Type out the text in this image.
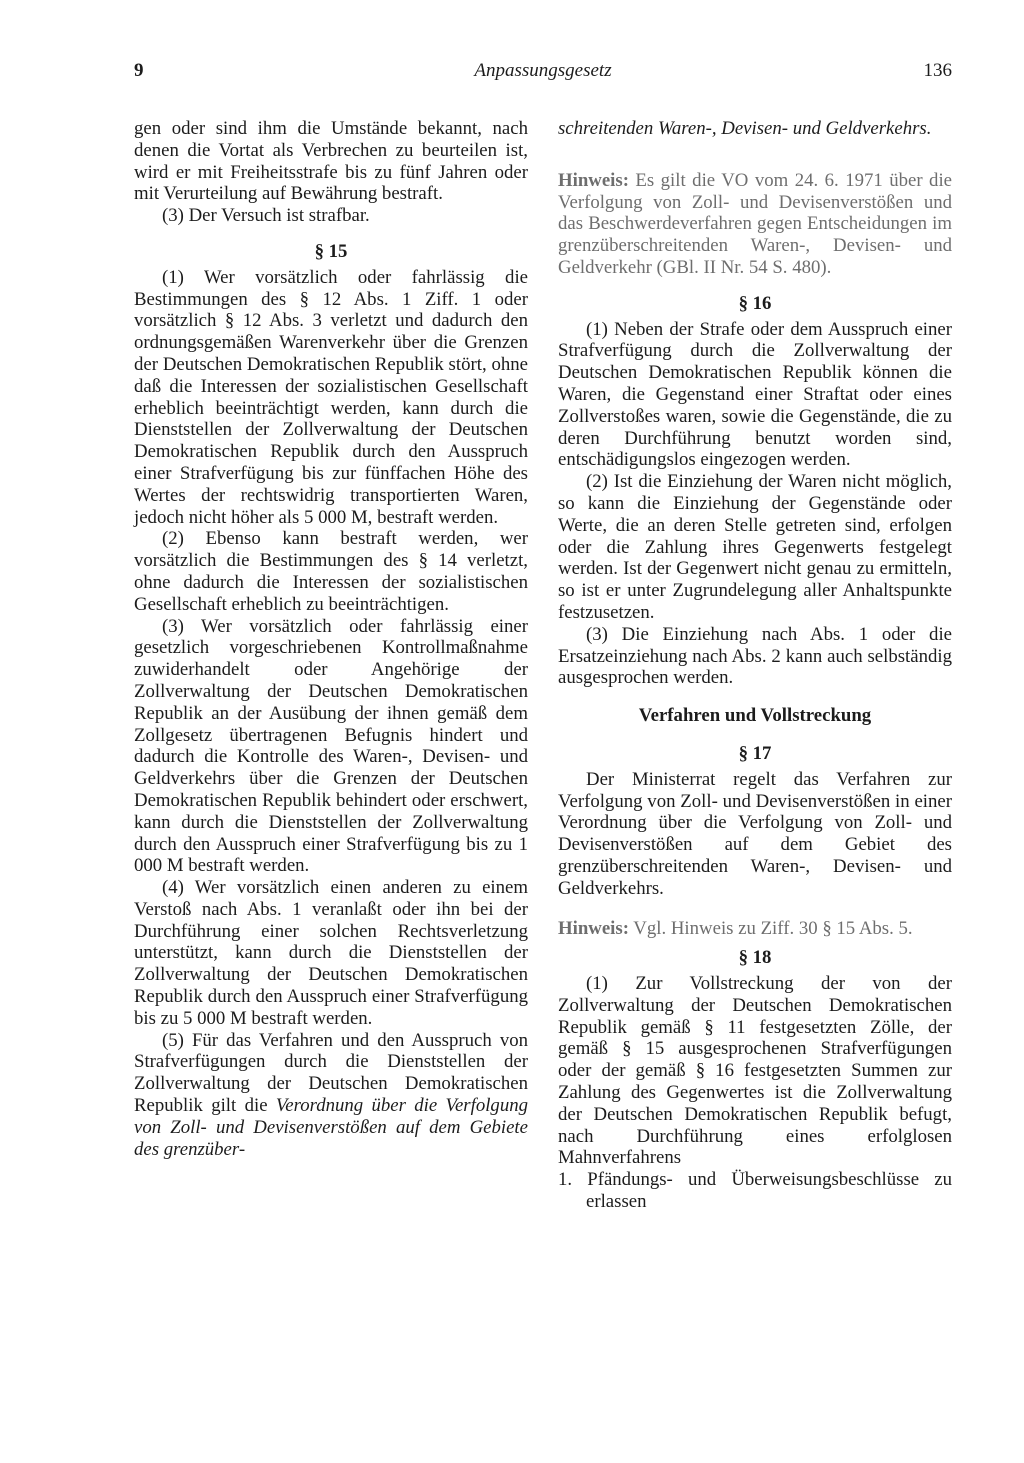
9	Anpassungsgesetz	136

gen oder sind ihm die Umstände bekannt, nach denen die Vortat als Verbrechen zu beurteilen ist, wird er mit Freiheitsstrafe bis zu fünf Jahren oder mit Verurteilung auf Bewährung bestraft.

(3) Der Versuch ist strafbar.

§ 15

(1) Wer vorsätzlich oder fahrlässig die Bestimmungen des § 12 Abs. 1 Ziff. 1 oder vorsätzlich § 12 Abs. 3 verletzt und dadurch den ordnungsgemäßen Warenverkehr über die Grenzen der Deutschen Demokratischen Republik stört, ohne daß die Interessen der sozialistischen Gesellschaft erheblich beeinträchtigt werden, kann durch die Dienststellen der Zollverwaltung der Deutschen Demokratischen Republik durch den Ausspruch einer Strafverfügung bis zur fünffachen Höhe des Wertes der rechtswidrig transportierten Waren, jedoch nicht höher als 5 000 M, bestraft werden.

(2) Ebenso kann bestraft werden, wer vorsätzlich die Bestimmungen des § 14 verletzt, ohne dadurch die Interessen der sozialistischen Gesellschaft erheblich zu beeinträchtigen.

(3) Wer vorsätzlich oder fahrlässig einer gesetzlich vorgeschriebenen Kontrollmaßnahme zuwiderhandelt oder Angehörige der Zollverwaltung der Deutschen Demokratischen Republik an der Ausübung der ihnen gemäß dem Zollgesetz übertragenen Befugnis hindert und dadurch die Kontrolle des Waren-, Devisen- und Geldverkehrs über die Grenzen der Deutschen Demokratischen Republik behindert oder erschwert, kann durch die Dienststellen der Zollverwaltung durch den Ausspruch einer Strafverfügung bis zu 1 000 M bestraft werden.

(4) Wer vorsätzlich einen anderen zu einem Verstoß nach Abs. 1 veranlaßt oder ihn bei der Durchführung einer solchen Rechtsverletzung unterstützt, kann durch die Dienststellen der Zollverwaltung der Deutschen Demokratischen Republik durch den Ausspruch einer Strafverfügung bis zu 5 000 M bestraft werden.

(5) Für das Verfahren und den Ausspruch von Strafverfügungen durch die Dienststellen der Zollverwaltung der Deutschen Demokratischen Republik gilt die Verordnung über die Verfolgung von Zoll- und Devisenverstößen auf dem Gebiete des grenzüber-

schreitenden Waren-, Devisen- und Geldverkehrs.

Hinweis: Es gilt die VO vom 24. 6. 1971 über die Verfolgung von Zoll- und Devisenverstößen und das Beschwerdeverfahren gegen Entscheidungen im grenzüberschreitenden Waren-, Devisen- und Geldverkehr (GBl. II Nr. 54 S. 480).

§ 16

(1) Neben der Strafe oder dem Ausspruch einer Strafverfügung durch die Zollverwaltung der Deutschen Demokratischen Republik können die Waren, die Gegenstand einer Straftat oder eines Zollverstoßes waren, sowie die Gegenstände, die zu deren Durchführung benutzt worden sind, entschädigungslos eingezogen werden.

(2) Ist die Einziehung der Waren nicht möglich, so kann die Einziehung der Gegenstände oder Werte, die an deren Stelle getreten sind, erfolgen oder die Zahlung ihres Gegenwerts festgelegt werden. Ist der Gegenwert nicht genau zu ermitteln, so ist er unter Zugrundelegung aller Anhaltspunkte festzusetzen.

(3) Die Einziehung nach Abs. 1 oder die Ersatzeinziehung nach Abs. 2 kann auch selbständig ausgesprochen werden.

Verfahren und Vollstreckung

§ 17

Der Ministerrat regelt das Verfahren zur Verfolgung von Zoll- und Devisenverstößen in einer Verordnung über die Verfolgung von Zoll- und Devisenverstößen auf dem Gebiet des grenzüberschreitenden Waren-, Devisen- und Geldverkehrs.

Hinweis: Vgl. Hinweis zu Ziff. 30 § 15 Abs. 5.

§ 18

(1) Zur Vollstreckung der von der Zollverwaltung der Deutschen Demokratischen Republik gemäß § 11 festgesetzten Zölle, der gemäß § 15 ausgesprochenen Strafverfügungen oder der gemäß § 16 festgesetzten Summen zur Zahlung des Gegenwertes ist die Zollverwaltung der Deutschen Demokratischen Republik befugt, nach Durchführung eines erfolglosen Mahnverfahrens

1. Pfändungs- und Überweisungsbeschlüsse zu erlassen
